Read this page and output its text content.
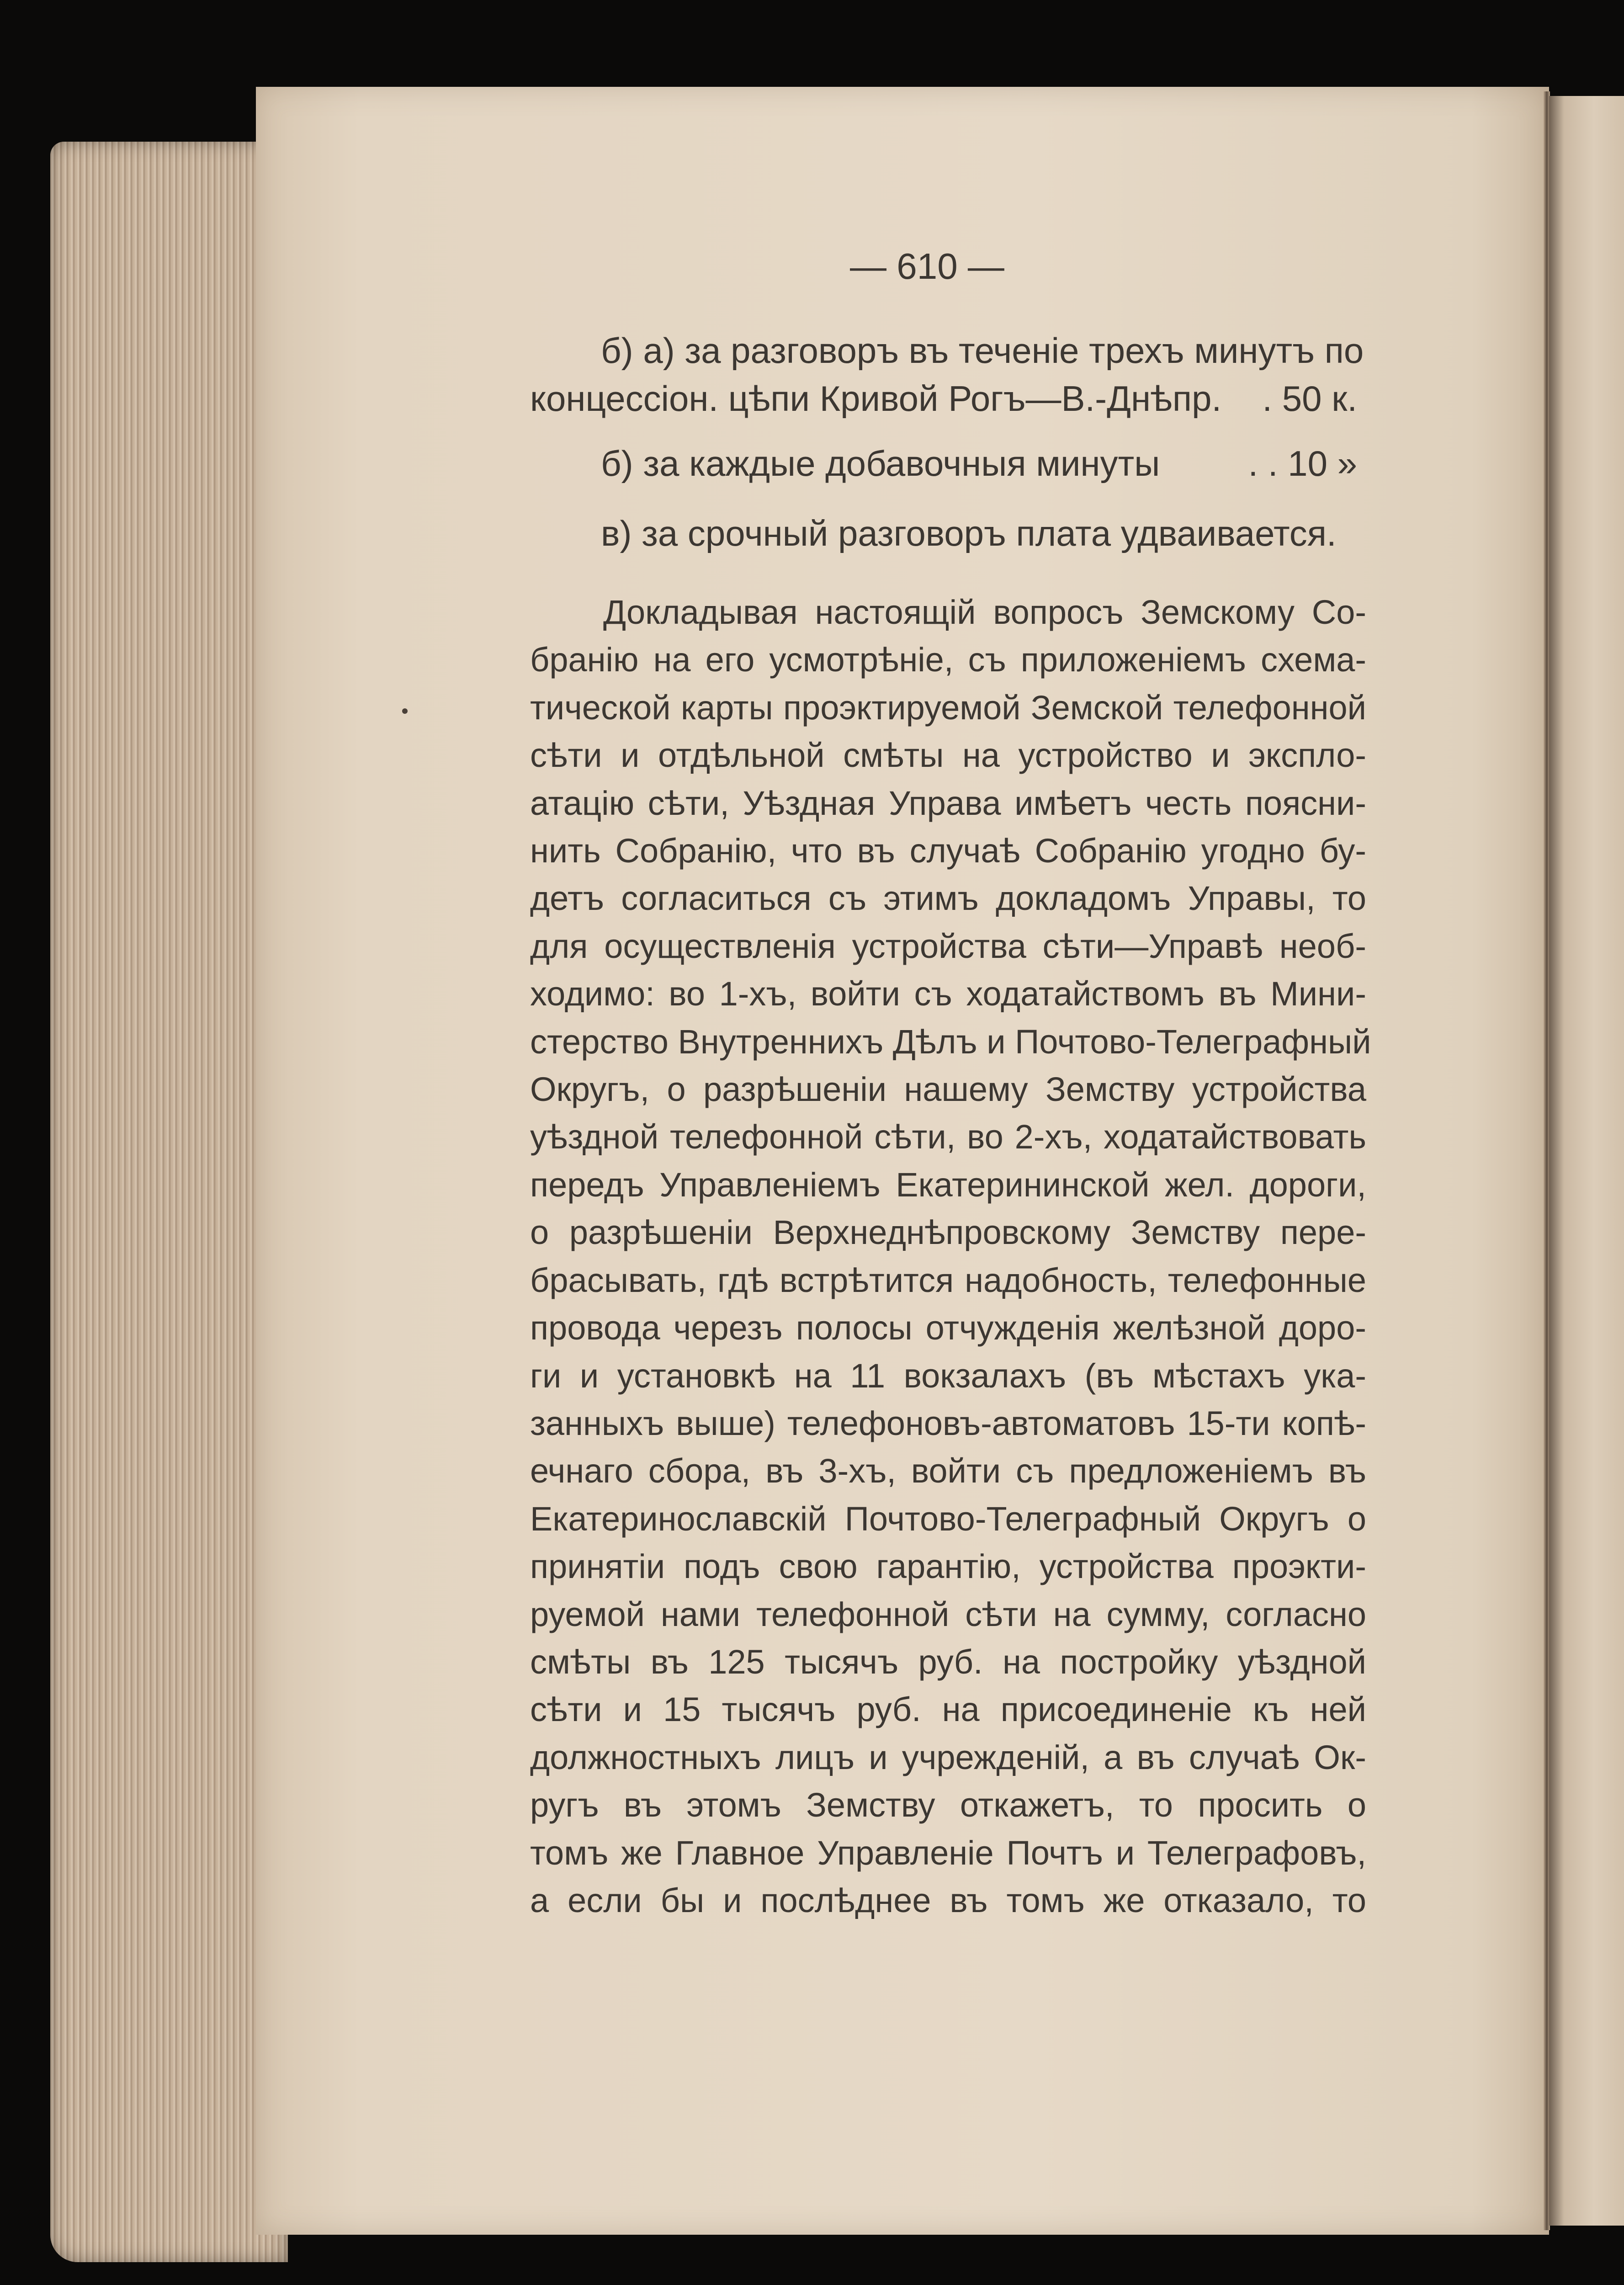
— 610 —
б) а) за разговоръ въ теченіе трехъ минутъ по
концессіон. цѣпи Кривой Рогъ—В.-Днѣпр. . 50 к.
б) за каждые добавочныя минуты . . 10 »
в) за срочный разговоръ плата удваивается.
Докладывая настоящій вопросъ Земскому Со-
бранію на его усмотрѣніе, съ приложеніемъ схема-
тической карты проэктируемой Земской телефонной
сѣти и отдѣльной смѣты на устройство и экспло-
атацію сѣти, Уѣздная Управа имѣетъ честь поясни-
нить Собранію, что въ случаѣ Собранію угодно бу-
детъ согласиться съ этимъ докладомъ Управы, то
для осуществленія устройства сѣти—Управѣ необ-
ходимо: во 1-хъ, войти съ ходатайствомъ въ Мини-
стерство Внутреннихъ Дѣлъ и Почтово-Телеграфный
Округъ, о разрѣшеніи нашему Земству устройства
уѣздной телефонной сѣти, во 2-хъ, ходатайствовать
передъ Управленіемъ Екатерининской жел. дороги,
о разрѣшеніи Верхнеднѣпровскому Земству пере-
брасывать, гдѣ встрѣтится надобность, телефонные
провода черезъ полосы отчужденія желѣзной доро-
ги и установкѣ на 11 вокзалахъ (въ мѣстахъ ука-
занныхъ выше) телефоновъ-автоматовъ 15-ти копѣ-
ечнаго сбора, въ 3-хъ, войти съ предложеніемъ въ
Екатеринославскій Почтово-Телеграфный Округъ о
принятіи подъ свою гарантію, устройства проэкти-
руемой нами телефонной сѣти на сумму, согласно
смѣты въ 125 тысячъ руб. на постройку уѣздной
сѣти и 15 тысячъ руб. на присоединеніе къ ней
должностныхъ лицъ и учрежденій, а въ случаѣ Ок-
ругъ въ этомъ Земству откажетъ, то просить о
томъ же Главное Управленіе Почтъ и Телеграфовъ,
а если бы и послѣднее въ томъ же отказало, то
